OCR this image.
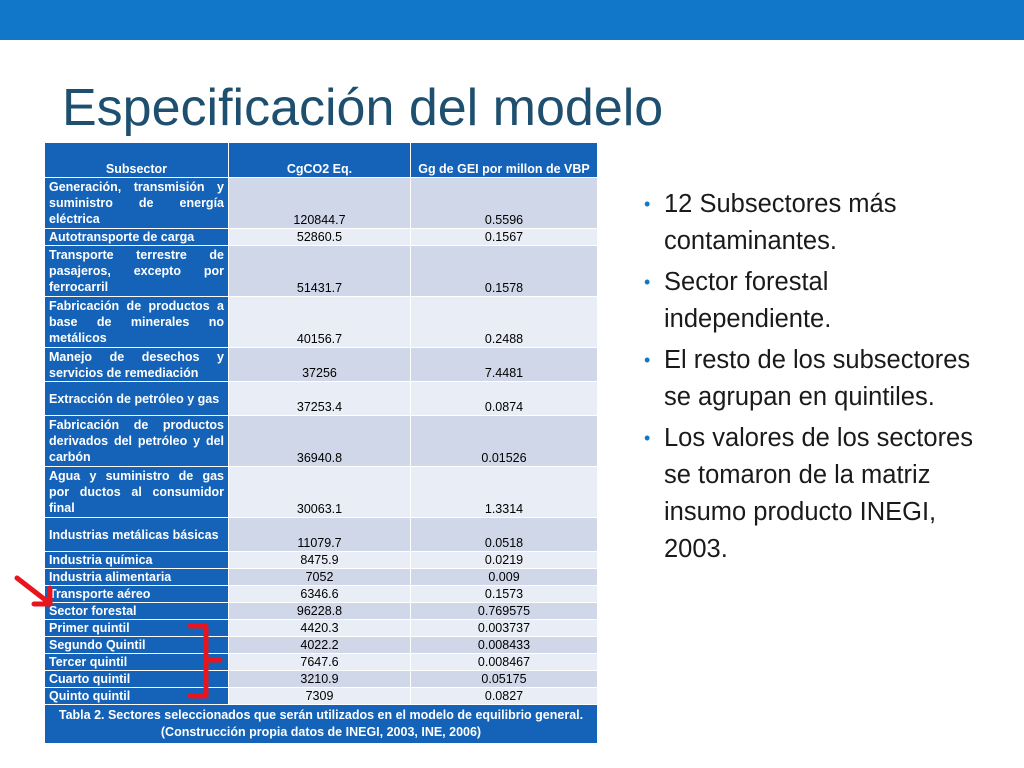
Especificación del modelo
Subsector	CgCO2 Eq.	Gg de GEI por millon de VBP
Generación, transmisión y suministro de energía eléctrica	120844.7	0.5596
Autotransporte de carga	52860.5	0.1567
Transporte terrestre de pasajeros, excepto por ferrocarril	51431.7	0.1578
Fabricación de productos a base de minerales no metálicos	40156.7	0.2488
Manejo de desechos y servicios de remediación	37256	7.4481
Extracción de petróleo y gas	37253.4	0.0874
Fabricación de productos derivados del petróleo y del carbón	36940.8	0.01526
Agua y suministro de gas por ductos al consumidor final	30063.1	1.3314
Industrias metálicas básicas	11079.7	0.0518
Industria química	8475.9	0.0219
Industria alimentaria	7052	0.009
Transporte aéreo	6346.6	0.1573
Sector forestal	96228.8	0.769575
Primer quintil	4420.3	0.003737
Segundo Quintil	4022.2	0.008433
Tercer quintil	7647.6	0.008467
Cuarto quintil	3210.9	0.05175
Quinto quintil	7309	0.0827
Tabla 2. Sectores seleccionados que serán utilizados en el modelo de equilibrio general. (Construcción propia datos de INEGI, 2003, INE, 2006)		
• 12 Subsectores más contaminantes.
• Sector forestal independiente.
• El resto de los subsectores se agrupan en quintiles.
• Los valores de los sectores se tomaron de la matriz insumo producto INEGI, 2003.
